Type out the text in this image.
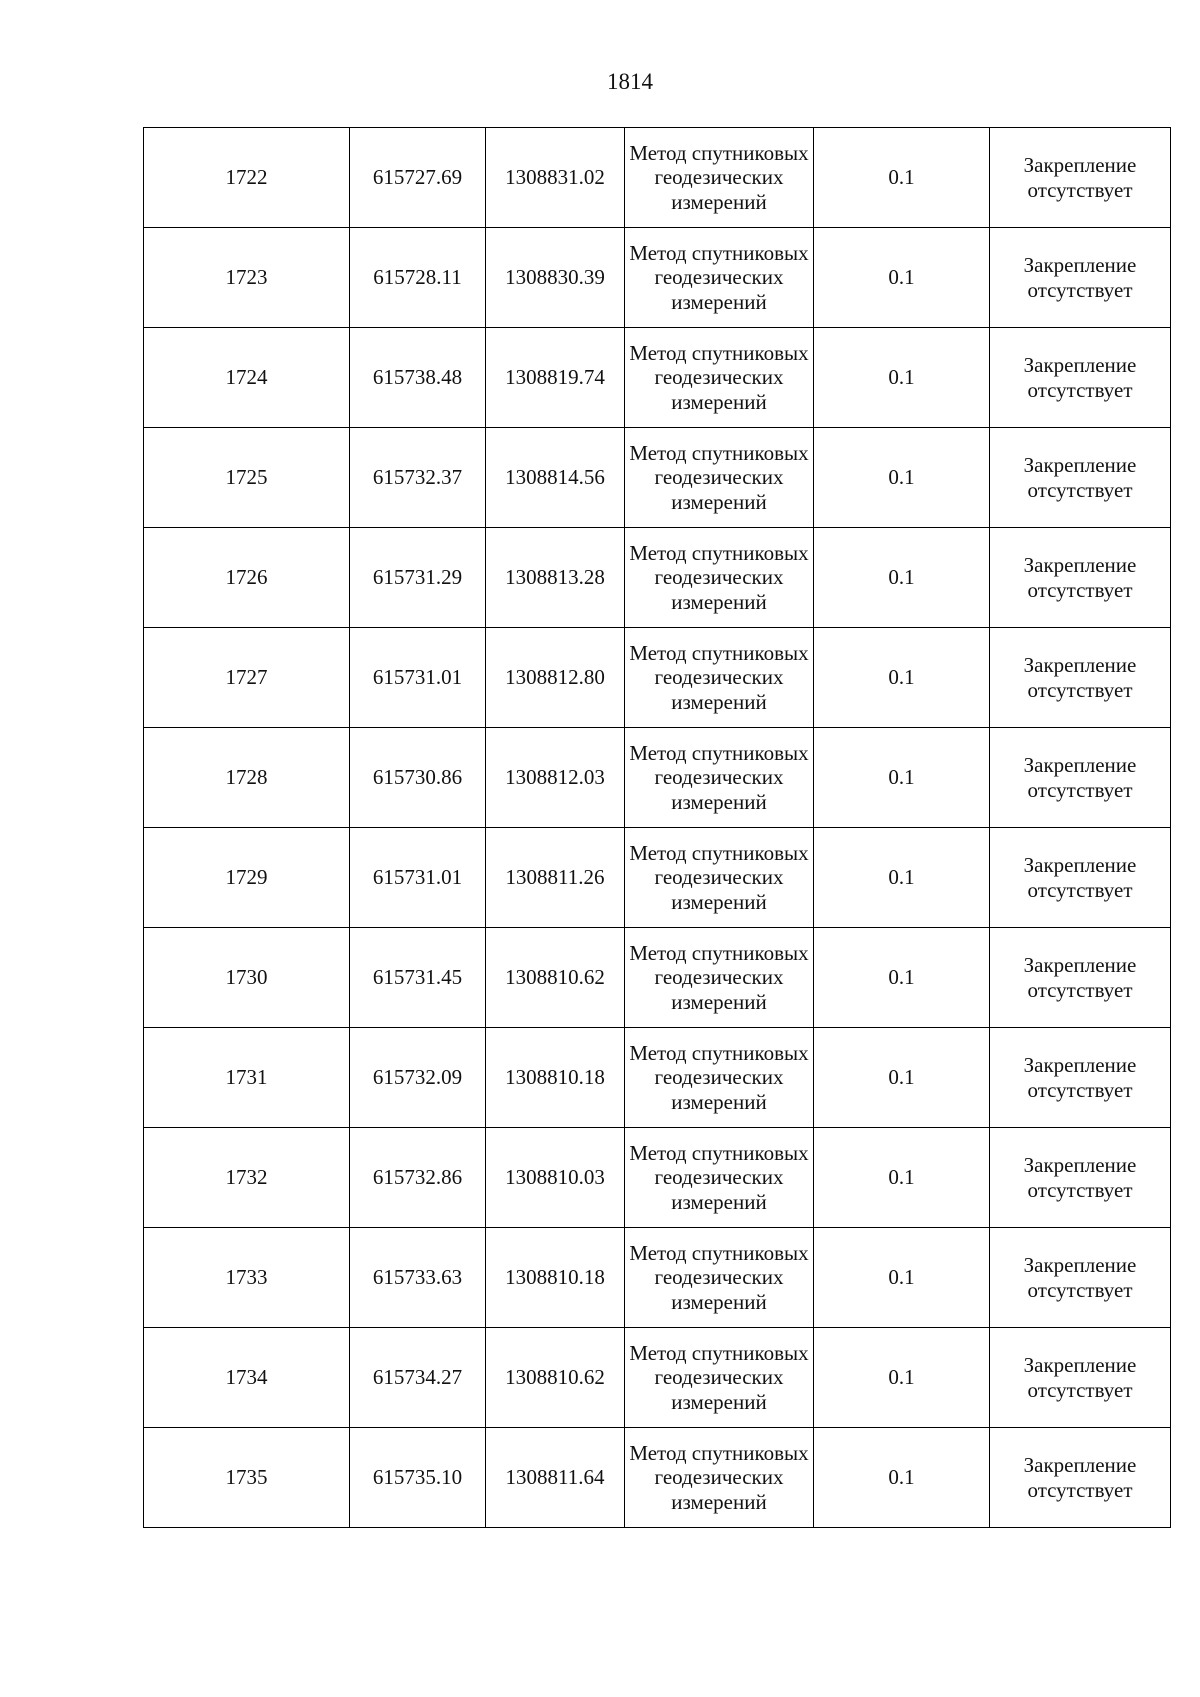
1814
1722	615727.69	1308831.02	Метод спутниковых геодезических измерений	0.1	Закрепление отсутствует

1723	615728.11	1308830.39	Метод спутниковых геодезических измерений	0.1	Закрепление отсутствует

1724	615738.48	1308819.74	Метод спутниковых геодезических измерений	0.1	Закрепление отсутствует

1725	615732.37	1308814.56	Метод спутниковых геодезических измерений	0.1	Закрепление отсутствует

1726	615731.29	1308813.28	Метод спутниковых геодезических измерений	0.1	Закрепление отсутствует

1727	615731.01	1308812.80	Метод спутниковых геодезических измерений	0.1	Закрепление отсутствует

1728	615730.86	1308812.03	Метод спутниковых геодезических измерений	0.1	Закрепление отсутствует

1729	615731.01	1308811.26	Метод спутниковых геодезических измерений	0.1	Закрепление отсутствует

1730	615731.45	1308810.62	Метод спутниковых геодезических измерений	0.1	Закрепление отсутствует

1731	615732.09	1308810.18	Метод спутниковых геодезических измерений	0.1	Закрепление отсутствует

1732	615732.86	1308810.03	Метод спутниковых геодезических измерений	0.1	Закрепление отсутствует

1733	615733.63	1308810.18	Метод спутниковых геодезических измерений	0.1	Закрепление отсутствует

1734	615734.27	1308810.62	Метод спутниковых геодезических измерений	0.1	Закрепление отсутствует

1735	615735.10	1308811.64	Метод спутниковых геодезических измерений	0.1	Закрепление отсутствует
